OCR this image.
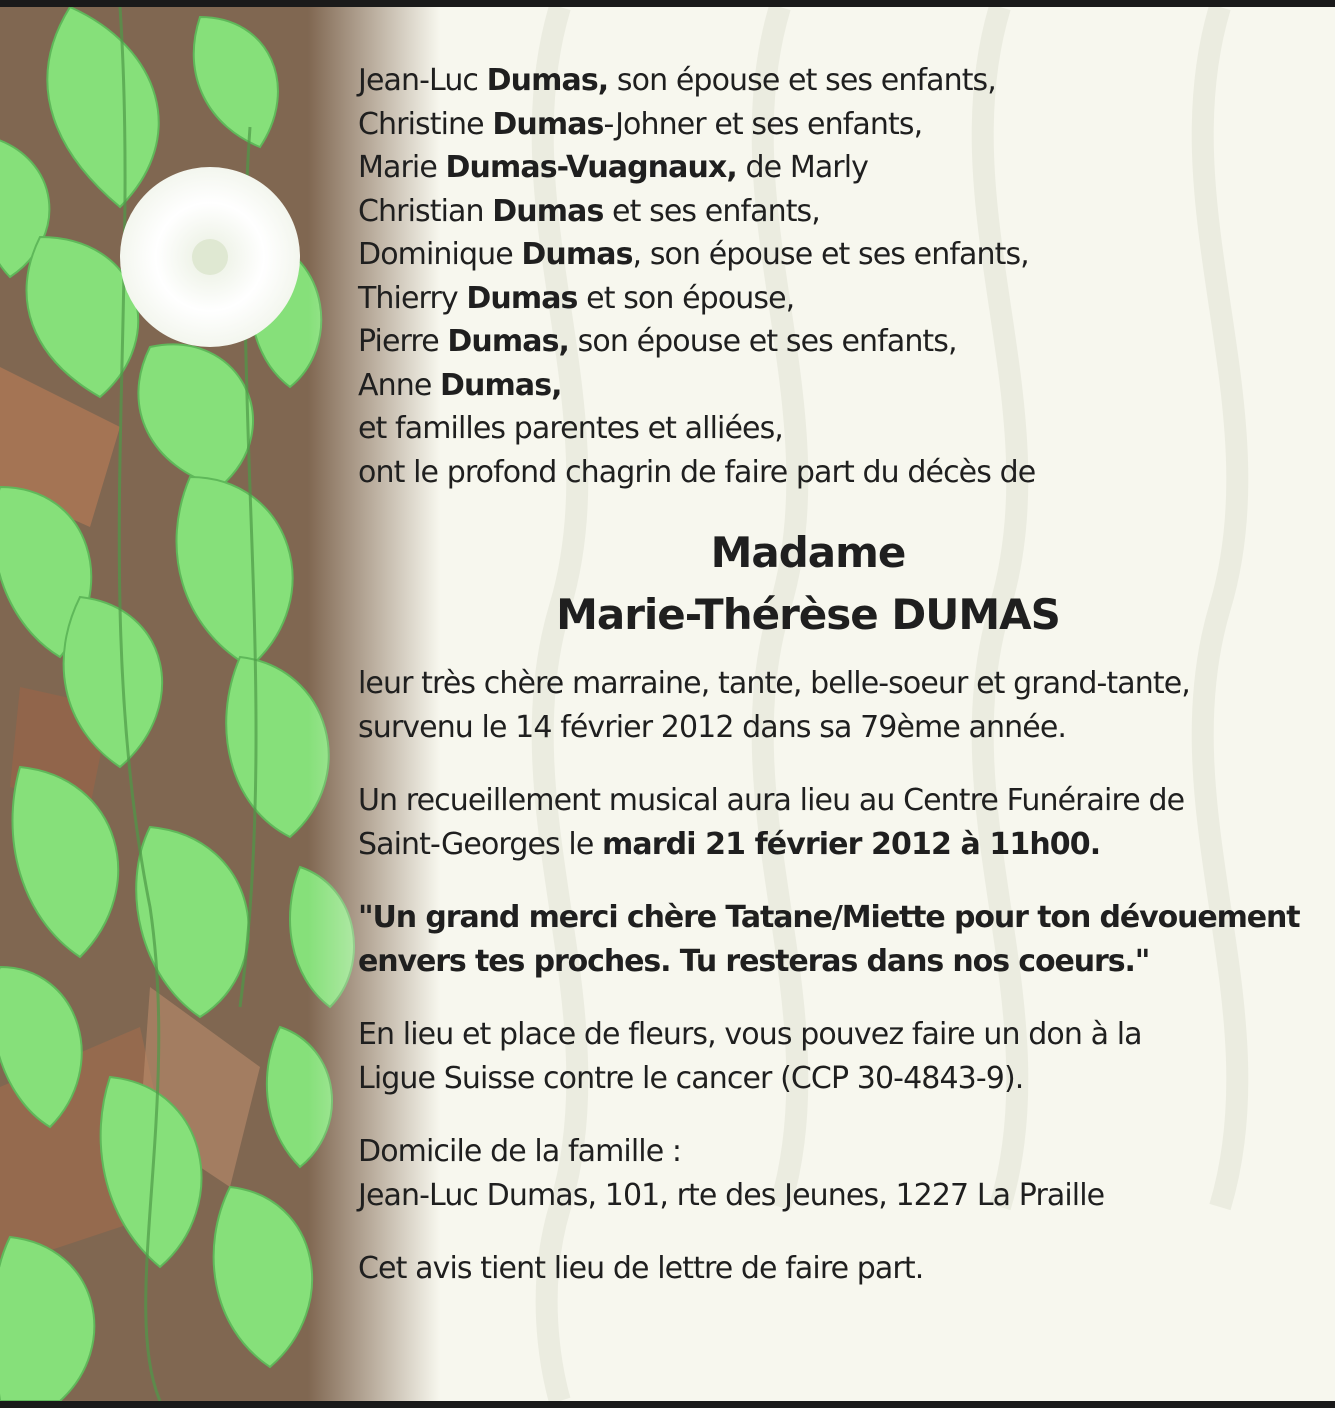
Jean-Luc Dumas, son épouse et ses enfants,
Christine Dumas-Johner et ses enfants,
Marie Dumas-Vuagnaux, de Marly
Christian Dumas et ses enfants,
Dominique Dumas, son épouse et ses enfants,
Thierry Dumas et son épouse,
Pierre Dumas, son épouse et ses enfants,
Anne Dumas,
et familles parentes et alliées,
ont le profond chagrin de faire part du décès de
Madame
Marie-Thérèse DUMAS
leur très chère marraine, tante, belle-soeur et grand-tante,
survenu le 14 février 2012 dans sa 79ème année.
Un recueillement musical aura lieu au Centre Funéraire de
Saint-Georges le mardi 21 février 2012 à 11h00.
"Un grand merci chère Tatane/Miette pour ton dévouement
envers tes proches. Tu resteras dans nos coeurs."
En lieu et place de fleurs, vous pouvez faire un don à la
Ligue Suisse contre le cancer (CCP 30-4843-9).
Domicile de la famille :
Jean-Luc Dumas, 101, rte des Jeunes, 1227 La Praille
Cet avis tient lieu de lettre de faire part.
